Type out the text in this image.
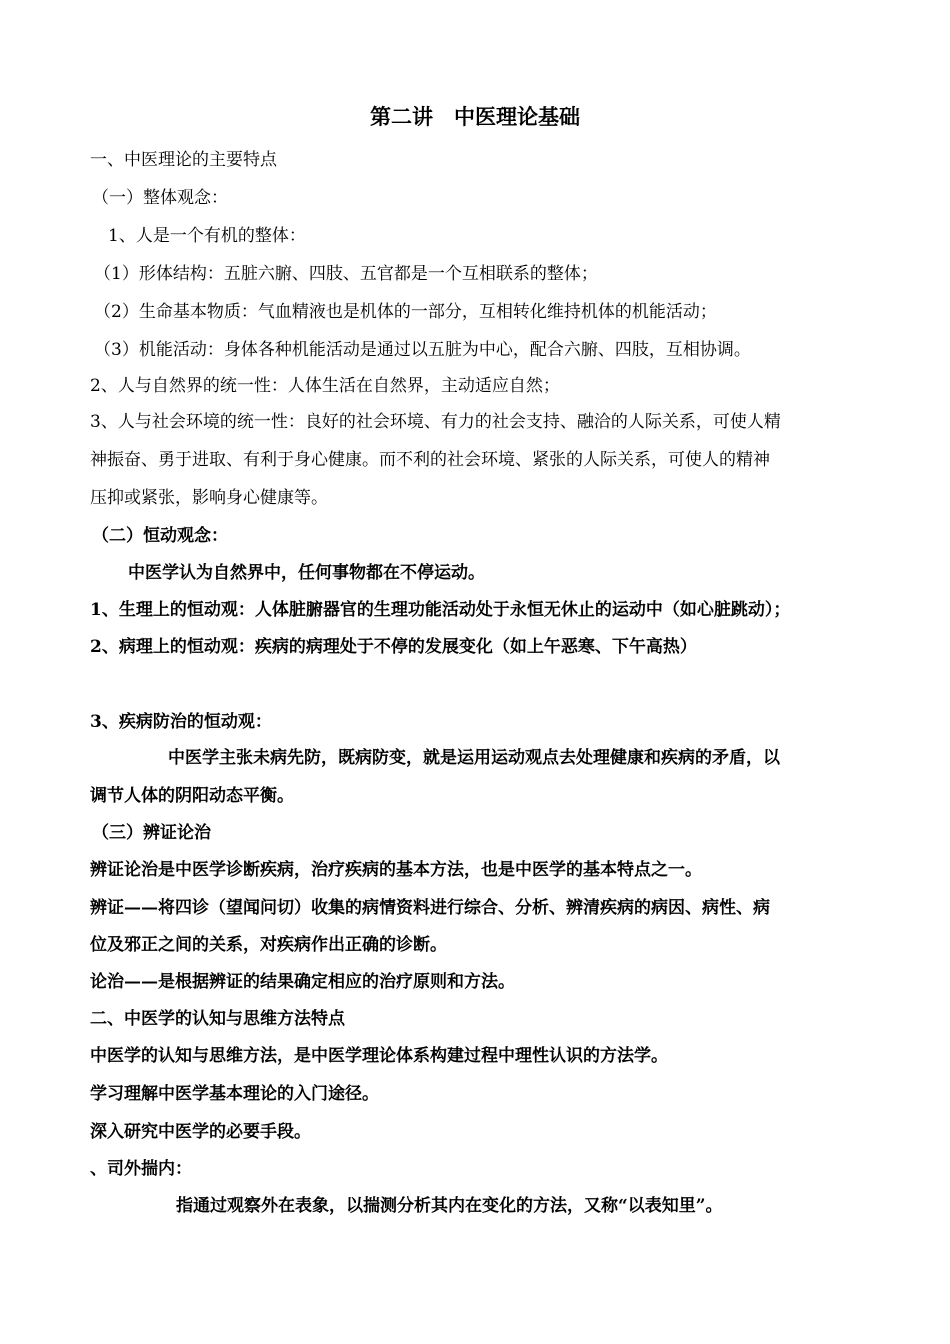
第二讲　中医理论基础
一、中医理论的主要特点
（一）整体观念：
1、人是一个有机的整体：
（1）形体结构：五脏六腑、四肢、五官都是一个互相联系的整体；
（2）生命基本物质：气血精液也是机体的一部分，互相转化维持机体的机能活动；
（3）机能活动：身体各种机能活动是通过以五脏为中心，配合六腑、四肢，互相协调。
2、人与自然界的统一性：人体生活在自然界，主动适应自然；
3、人与社会环境的统一性：良好的社会环境、有力的社会支持、融洽的人际关系，可使人精
神振奋、勇于进取、有利于身心健康。而不利的社会环境、紧张的人际关系，可使人的精神
压抑或紧张，影响身心健康等。
（二）恒动观念：
中医学认为自然界中，任何事物都在不停运动。
1、生理上的恒动观：人体脏腑器官的生理功能活动处于永恒无休止的运动中（如心脏跳动）；
2、病理上的恒动观：疾病的病理处于不停的发展变化（如上午恶寒、下午高热）
3、疾病防治的恒动观：
中医学主张未病先防，既病防变，就是运用运动观点去处理健康和疾病的矛盾，以
调节人体的阴阳动态平衡。
（三）辨证论治
辨证论治是中医学诊断疾病，治疗疾病的基本方法，也是中医学的基本特点之一。
辨证——将四诊（望闻问切）收集的病情资料进行综合、分析、辨清疾病的病因、病性、病
位及邪正之间的关系，对疾病作出正确的诊断。
论治——是根据辨证的结果确定相应的治疗原则和方法。
二、中医学的认知与思维方法特点
中医学的认知与思维方法，是中医学理论体系构建过程中理性认识的方法学。
学习理解中医学基本理论的入门途径。
深入研究中医学的必要手段。
、司外揣内：
指通过观察外在表象，以揣测分析其内在变化的方法，又称“以表知里”。
